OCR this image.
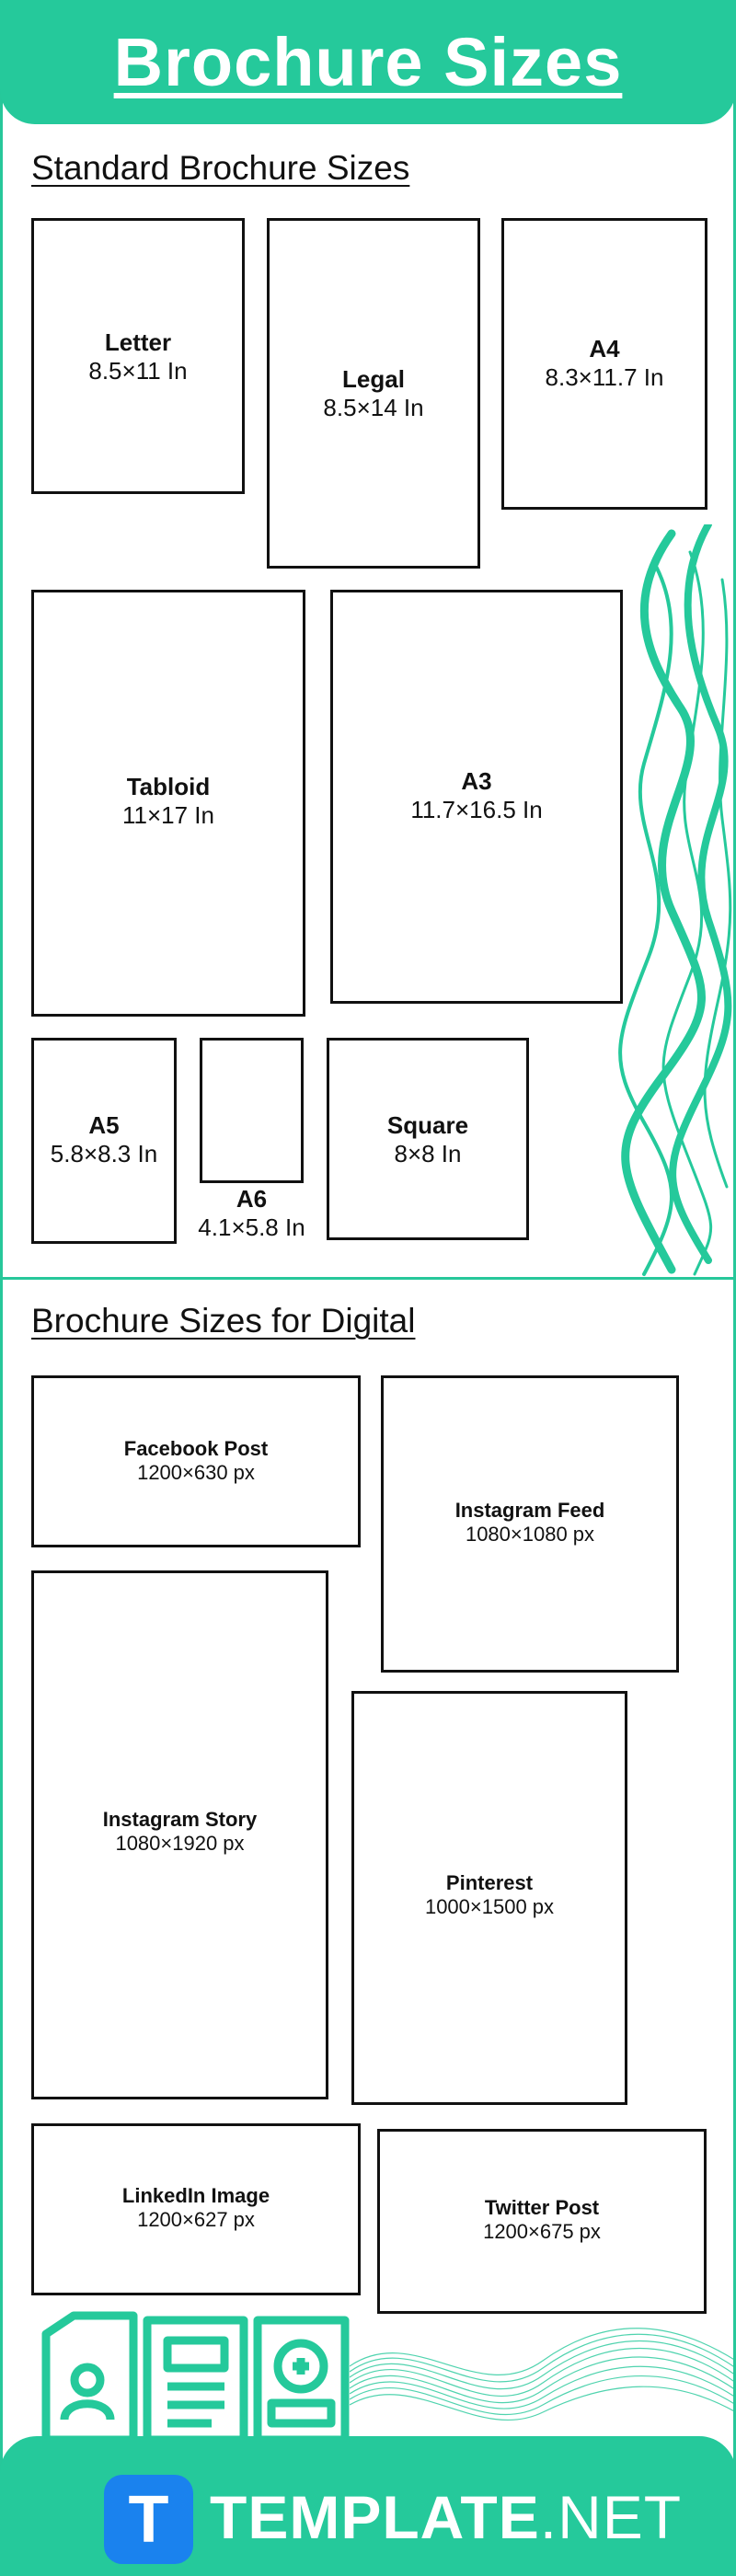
Brochure Sizes
Standard Brochure Sizes
Letter
8.5×11 In	Legal
8.5×14 In
A4
8.3×11.7 In
Tabloid
11×17 In
A3
11.7×16.5 In
A5
5.8×8.3 In
A6
4.1×5.8 In
Square
8×8 In
Brochure Sizes for Digital
Facebook Post
1200×630 px
Instagram Feed
1080×1080 px
Instagram Story
1080×1920 px
Pinterest
1000×1500 px
LinkedIn Image
1200×627 px
Twitter Post
1200×675 px
T TEMPLATE.NET
